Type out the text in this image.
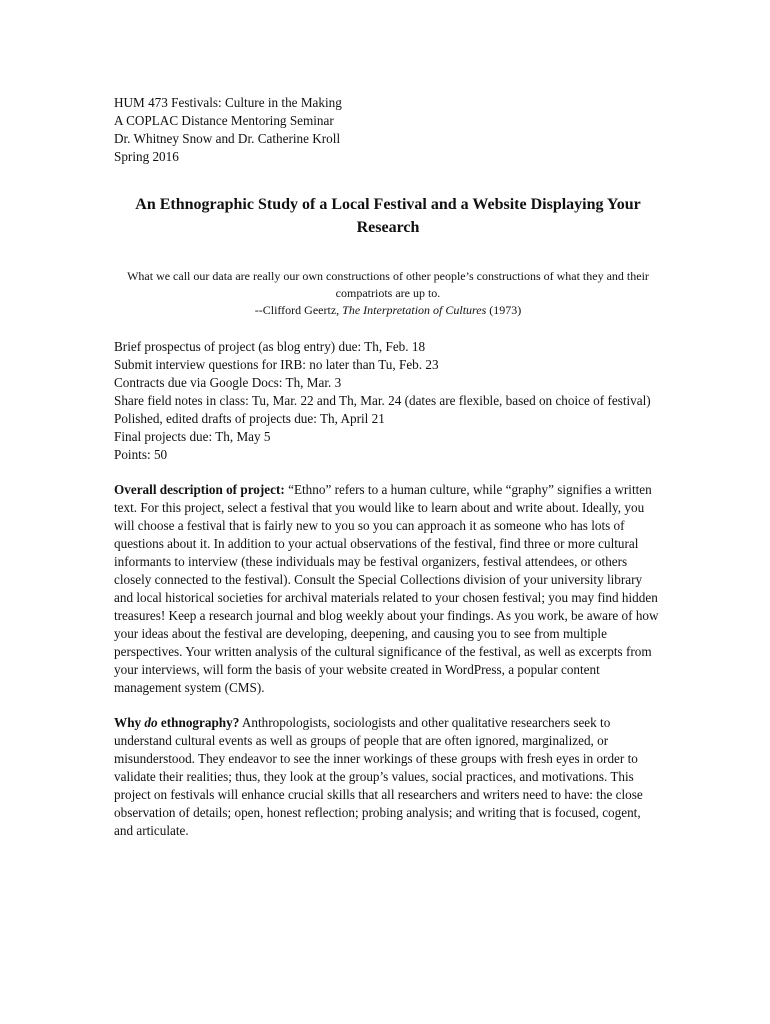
HUM 473 Festivals: Culture in the Making
A COPLAC Distance Mentoring Seminar
Dr. Whitney Snow and Dr. Catherine Kroll
Spring 2016
An Ethnographic Study of a Local Festival and a Website Displaying Your Research
What we call our data are really our own constructions of other people’s constructions of what they and their compatriots are up to.
--Clifford Geertz, The Interpretation of Cultures (1973)
Brief prospectus of project (as blog entry) due: Th, Feb. 18
Submit interview questions for IRB: no later than Tu, Feb. 23
Contracts due via Google Docs: Th, Mar. 3
Share field notes in class: Tu, Mar. 22 and Th, Mar. 24 (dates are flexible, based on choice of festival)
Polished, edited drafts of projects due: Th, April 21
Final projects due: Th, May 5
Points: 50

Overall description of project: “Ethno” refers to a human culture, while “graphy” signifies a written text. For this project, select a festival that you would like to learn about and write about. Ideally, you will choose a festival that is fairly new to you so you can approach it as someone who has lots of questions about it. In addition to your actual observations of the festival, find three or more cultural informants to interview (these individuals may be festival organizers, festival attendees, or others closely connected to the festival). Consult the Special Collections division of your university library and local historical societies for archival materials related to your chosen festival; you may find hidden treasures! Keep a research journal and blog weekly about your findings. As you work, be aware of how your ideas about the festival are developing, deepening, and causing you to see from multiple perspectives. Your written analysis of the cultural significance of the festival, as well as excerpts from your interviews, will form the basis of your website created in WordPress, a popular content management system (CMS).

Why do ethnography? Anthropologists, sociologists and other qualitative researchers seek to understand cultural events as well as groups of people that are often ignored, marginalized, or misunderstood. They endeavor to see the inner workings of these groups with fresh eyes in order to validate their realities; thus, they look at the group’s values, social practices, and motivations. This project on festivals will enhance crucial skills that all researchers and writers need to have: the close observation of details; open, honest reflection; probing analysis; and writing that is focused, cogent, and articulate.
